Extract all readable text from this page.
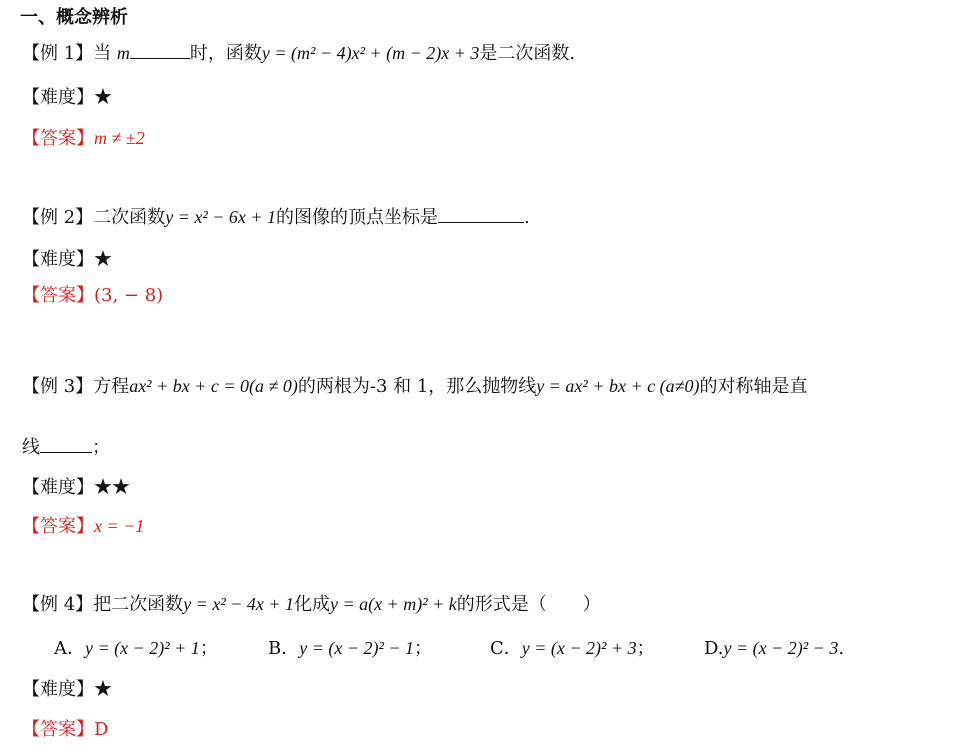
一、概念辨析
【例 1】当 m	时，函数y = (m² − 4)x² + (m − 2)x + 3是二次函数.
【难度】★
【答案】m ≠ ±2
【例 2】二次函数y = x² − 6x + 1的图像的顶点坐标是	.
【难度】★
【答案】(3, − 8)
【例 3】方程ax² + bx + c = 0(a ≠ 0)的两根为-3 和 1，那么抛物线y = ax² + bx + c (a≠0)的对称轴是直
线	；
【难度】★★
【答案】x = −1
【例 4】把二次函数y = x² − 4x + 1化成y = a(x + m)² + k的形式是（　　）
A．y = (x − 2)² + 1；	B．y = (x − 2)² − 1；	C．y = (x − 2)² + 3；	D.y = (x − 2)² − 3.
【难度】★
【答案】D
